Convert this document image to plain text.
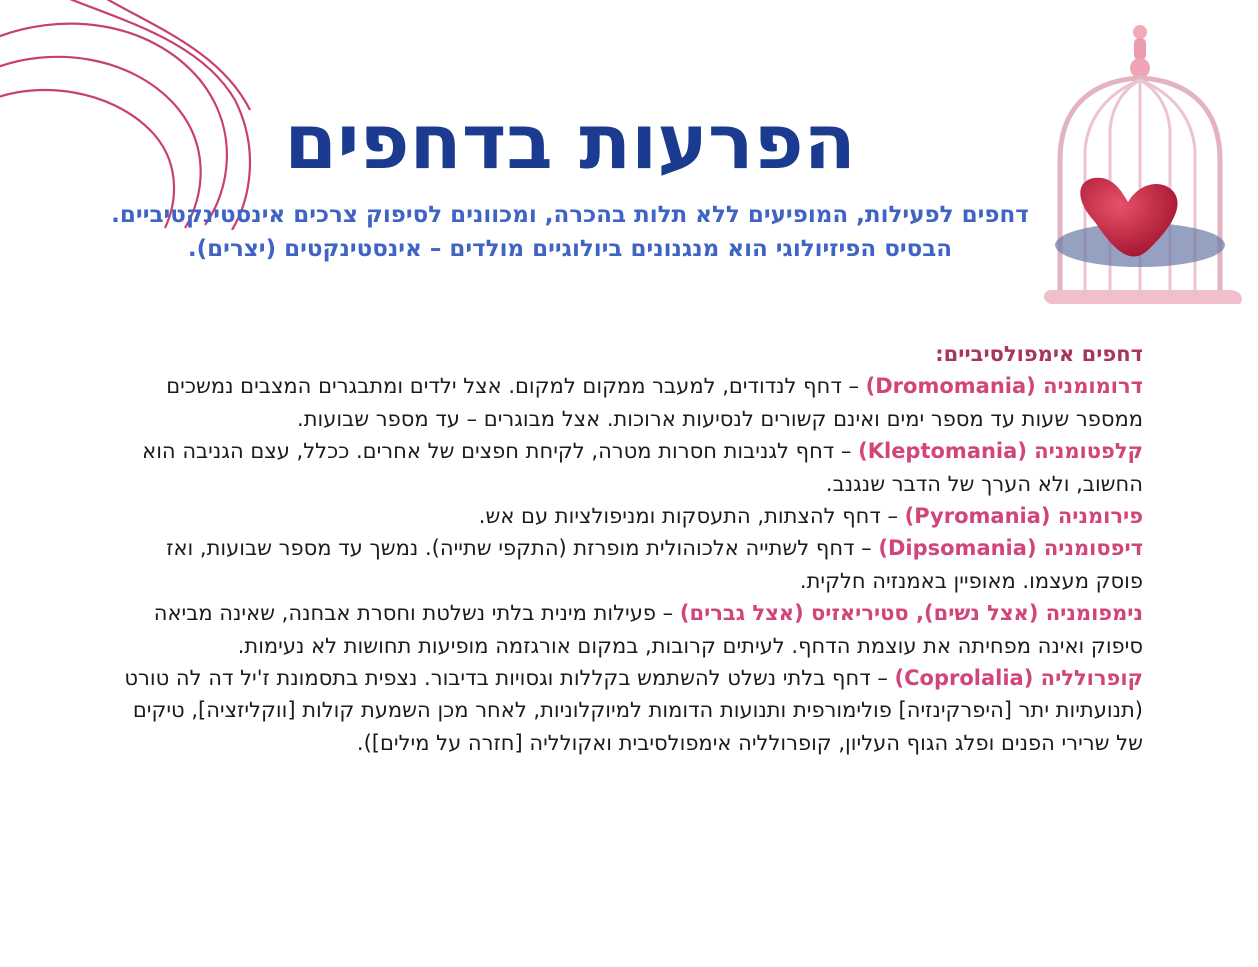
הפרעות בדחפים

דחפים לפעילות, המופיעים ללא תלות בהכרה, ומכוונים לסיפוק צרכים אינסטינקטיביים. הבסיס הפיזיולוגי הוא מנגנונים ביולוגיים מולדים – אינסטינקטים (יצרים).

דחפים אימפולסיביים:

דרומומניה (Dromomania) – דחף לנדודים, למעבר ממקום למקום. אצל ילדים ומתבגרים המצבים נמשכים ממספר שעות עד מספר ימים ואינם קשורים לנסיעות ארוכות. אצל מבוגרים – עד מספר שבועות.

קלפטומניה (Kleptomania) – דחף לגניבות חסרות מטרה, לקיחת חפצים של אחרים. ככלל, עצם הגניבה הוא החשוב, ולא הערך של הדבר שנגנב.

פירומניה (Pyromania) – דחף להצתות, התעסקות ומניפולציות עם אש.

דיפסומניה (Dipsomania) – דחף לשתייה אלכוהולית מופרזת (התקפי שתייה). נמשך עד מספר שבועות, ואז פוסק מעצמו. מאופיין באמנזיה חלקית.

נימפומניה (אצל נשים), סטיריאזיס (אצל גברים) – פעילות מינית בלתי נשלטת וחסרת אבחנה, שאינה מביאה סיפוק ואינה מפחיתה את עוצמת הדחף. לעיתים קרובות, במקום אורגזמה מופיעות תחושות לא נעימות.

קופרולליה (Coprolalia) – דחף בלתי נשלט להשתמש בקללות וגסויות בדיבור. נצפית בתסמונת ז'יל דה לה טורט (תנועתיות יתר [היפרקינזיה] פולימורפית ותנועות הדומות למיוקלוניות, לאחר מכן השמעת קולות [ווקליזציה], טיקים של שרירי הפנים ופלג הגוף העליון, קופרולליה אימפולסיבית ואקולליה [חזרה על מילים]).
